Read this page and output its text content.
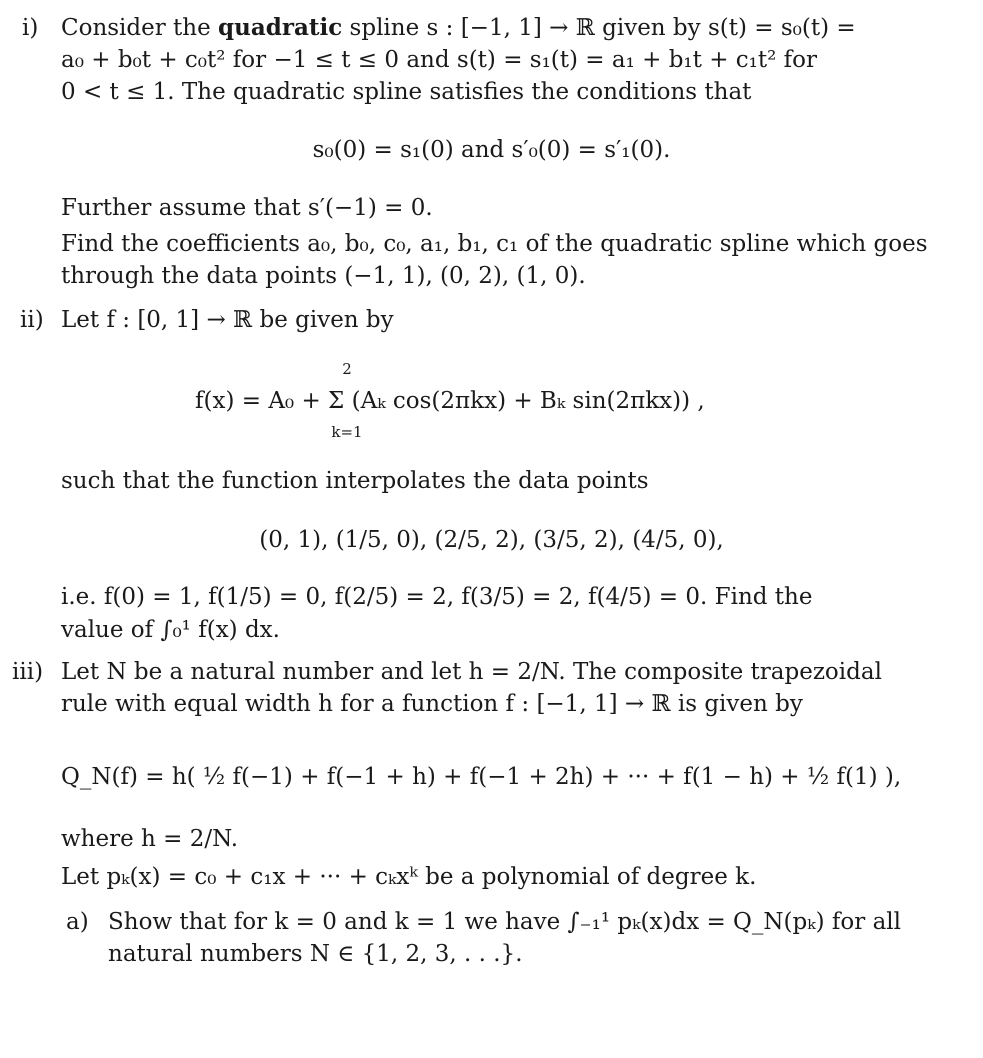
i) Consider the quadratic spline s : [−1, 1] → ℝ given by s(t) = s₀(t) =
a₀ + b₀t + c₀t² for −1 ≤ t ≤ 0 and s(t) = s₁(t) = a₁ + b₁t + c₁t² for
0 < t ≤ 1. The quadratic spline satisfies the conditions that
s₀(0) = s₁(0) and s′₀(0) = s′₁(0).
Further assume that s′(−1) = 0.
Find the coefficients a₀, b₀, c₀, a₁, b₁, c₁ of the quadratic spline which goes
through the data points (−1, 1), (0, 2), (1, 0).
ii) Let f : [0, 1] → ℝ be given by
2
f(x) = A₀ + Σ (Aₖ cos(2πkx) + Bₖ sin(2πkx)) ,
k=1
such that the function interpolates the data points
(0, 1), (1/5, 0), (2/5, 2), (3/5, 2), (4/5, 0),
i.e. f(0) = 1, f(1/5) = 0, f(2/5) = 2, f(3/5) = 2, f(4/5) = 0. Find the
value of ∫₀¹ f(x) dx.
iii) Let N be a natural number and let h = 2/N. The composite trapezoidal
rule with equal width h for a function f : [−1, 1] → ℝ is given by
Q_N(f) = h( ½ f(−1) + f(−1 + h) + f(−1 + 2h) + ··· + f(1 − h) + ½ f(1) ),
where h = 2/N.
Let pₖ(x) = c₀ + c₁x + ··· + cₖxᵏ be a polynomial of degree k.
a) Show that for k = 0 and k = 1 we have ∫₋₁¹ pₖ(x)dx = Q_N(pₖ) for all
natural numbers N ∈ {1, 2, 3, . . .}.
